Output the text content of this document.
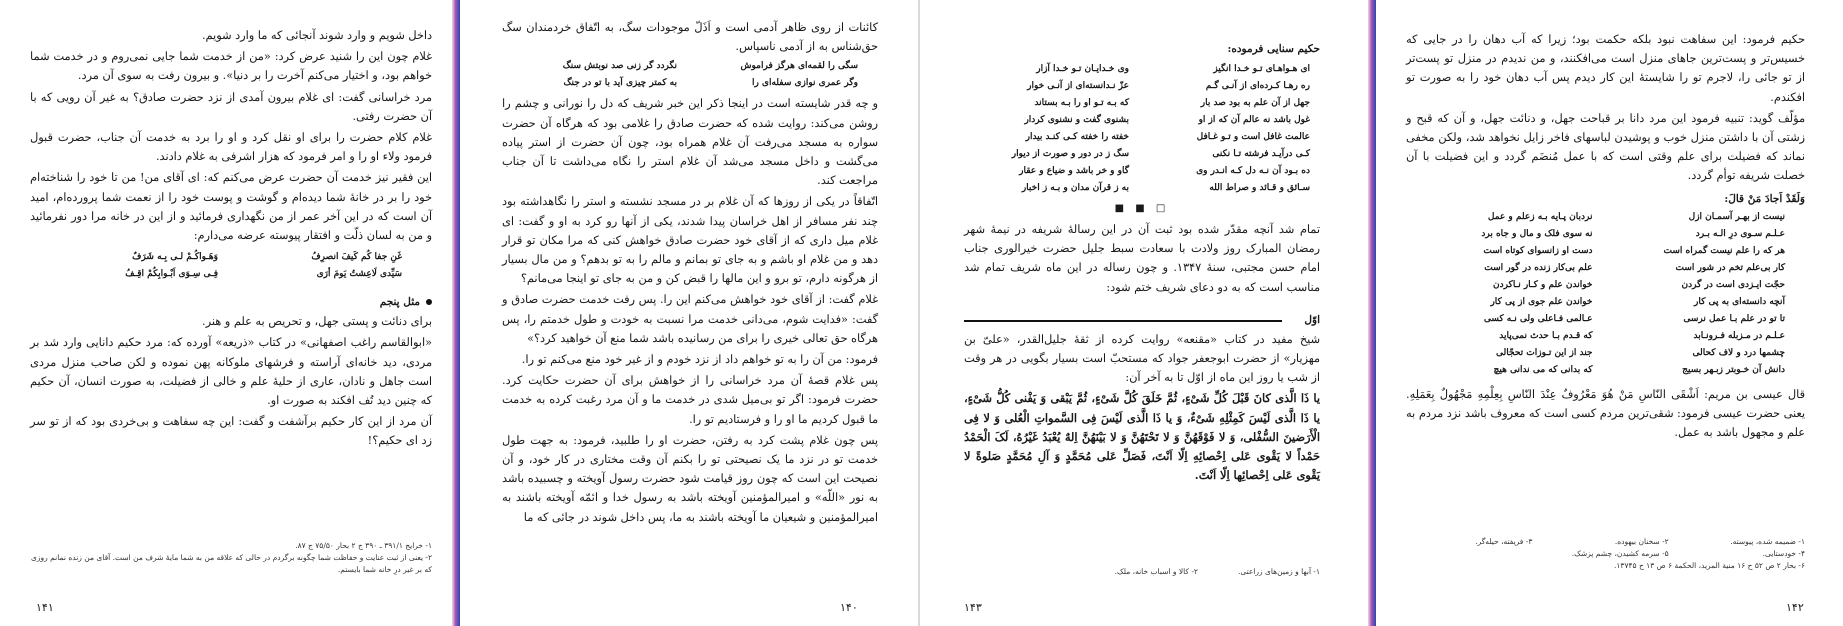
داخل شویم و وارد شوند آنجائی که ما وارد شویم.

غلام چون این را شنید عرض کرد: «من از خدمت شما جایی نمی‌روم و در خدمت شما خواهم بود، و اختیار می‌کنم آخرت را بر دنیا». و بیرون رفت به سوی آن مرد.

مرد خراسانی گفت: ای غلام بیرون آمدی از نزد حضرت صادق؟ به غیر آن رویی که با آن حضرت رفتی.

غلام کلام حضرت را برای او نقل کرد و او را برد به خدمت آن جناب، حضرت قبول فرمود ولاء او را و امر فرمود که هزار اشرفی به غلام دادند.

این فقیر نیز خدمت آن حضرت عرض می‌کنم که: ای آقای من! من تا خود را شناخته‌ام خود را بر در خانهٔ شما دیده‌ام و گوشت و پوست خود را از نعمت شما پرورده‌ام، امید آن است که در این آخر عمر از من نگهداری فرمائید و از این در خانه مرا دور نفرمائید و من به لسان ذلّت و افتقار پیوسته عرضه می‌دارم:

غَنِ جفا کُم کَیفَ انصرِفُ
وَهَـواکُـمْ لـی بِـه شَرَفٌ
سَیِّدی لَاعِشتُ یَومَ أرَی
فِـی سِـوَی اَبْـوابِکُمْ اقِـفُ
مثل پنجم

برای دنائت و پستی جهل، و تحریص به علم و هنر.

«ابوالقاسم راغب اصفهانی» در کتاب «ذریعه» آورده که: مرد حکیم دانایی وارد شد بر مردی، دید خانه‌ای آراسته و فرشهای ملوکانه پهن نموده و لکن صاحب منزل مردی است جاهل و نادان، عاری از حلیهٔ علم و خالی از فضیلت، به صورت انسان، آن حکیم که چنین دید تُف افکند به صورت او.

آن مرد از این کار حکیم برآشفت و گفت: این چه سفاهت و بی‌خردی بود که از تو سر زد ای حکیم؟!

۱- خرایج ۳۹۱/۱ ـ ۳۹۰ ج ۲ بحار ۷۵/۵۰ ج ۸۷.
۲- یعنی از ثبت عنایت و حفاظت شما چگونه برگردم در حالی که علاقه من به شما مایهٔ شرف من است. آقای من زنده نمانم روزی که بر غیر درِ خانه شما بایستم.
۱۴۱

کائنات از روی ظاهر آدمی است و اَذَلّ موجودات سگ، به اتّفاق خردمندان سگ حق‌شناس به از آدمی ناسپاس.

سگی را لقمه‌ای هرگز فراموش
نگردد گر زنی صد نوبتش سنگ
وگر عمری نوازی سفله‌ای را
به کمتر چیزی آید با تو در جنگ

و چه قدر شایسته است در اینجا ذکر این خبر شریف که دل را نورانی و چشم را روشن می‌کند: روایت شده که حضرت صادق را غلامی بود که هرگاه آن حضرت سواره به مسجد می‌رفت آن غلام همراه بود، چون آن حضرت از استر پیاده می‌گشت و داخل مسجد می‌شد آن غلام استر را نگاه می‌داشت تا آن جناب مراجعت کند.

اتّفاقاً در یکی از روزها که آن غلام بر در مسجد نشسته و استر را نگاهداشته بود چند نفر مسافر از اهل خراسان پیدا شدند، یکی از آنها رو کرد به او و گفت: ای غلام میل داری که از آقای خود حضرت صادق خواهش کنی که مرا مکان تو قرار دهد و من غلام او باشم و به جای تو بمانم و مالم را به تو بدهم؟ و من مال بسیار از هرگونه دارم، تو برو و این مالها را قبض کن و من به جای تو اینجا می‌مانم؟

غلام گفت: از آقای خود خواهش می‌کنم این را. پس رفت خدمت حضرت صادق و گفت: «فدایت شوم، می‌دانی خدمت مرا نسبت به خودت و طول خدمتم را، پس هرگاه حق تعالی خیری را برای من رسانیده باشد شما منع آن خواهید کرد؟»

فرمود: من آن را به تو خواهم داد از نزد خودم و از غیر خود منع می‌کنم تو را.

پس غلام قصهٔ آن مرد خراسانی را از خواهش برای آن حضرت حکایت کرد. حضرت فرمود: اگر تو بی‌میل شدی در خدمت ما و آن مرد رغبت کرده به خدمت ما قبول کردیم ما او را و فرستادیم تو را.

پس چون غلام پشت کرد به رفتن، حضرت او را طلبید، فرمود: به جهت طول خدمت تو در نزد ما یک نصیحتی تو را بکنم آن وقت مختاری در کار خود، و آن نصیحت این است که چون روز قیامت شود حضرت رسول آویخته و چسبیده باشد به نور «اللّه» و امیرالمؤمنین آویخته باشد به رسول خدا و ائمّه آویخته باشند به امیرالمؤمنین و شیعیان ما آویخته باشند به ما، پس داخل شوند در جائی که ما

۱۴۰
حکیم سنایی فرموده:
ای هـوا‌هـای تـو خـدا انگیز
وی خـدایـان تـو خـدا آزار
ره رهـا کـرده‌ای از آنـی گـم
عزّ نـدانسته‌ای از آنـی خوار
جهل از آن علم به بود صد بار
که بـه تـو او را بـه بستاند
غول باشد نه عالم آن که از او
بشنوی گفت و نشنوی کردار
عالمت غافل است و تـو غـافل
خفته را خفته کـی کنـد بیدار
کـی درآیـد فرشته تـا نکنی
سگ ز در دور و صورت از دیوار
ده بـود آن نـه دل کـه انـدر وی
گاو و خر باشد و ضیاع و عقار
سـائق و قـائد و صراط الله
به ز قرآن مدان و بـه ز اخبار
■ ■ □

تمام شد آنچه مقدّر شده بود ثبت آن در این رسالهٔ شریفه در نیمهٔ شهر رمضان المبارک روز ولادت با سعادت سبط جلیل حضرت خیرالوری جناب امام حسن مجتبی، سنهٔ ۱۳۴۷. و چون رساله در این ماه شریف تمام شد مناسب است که به دو دعای شریف ختم شود:

اوّل

شیخ مفید در کتاب «مقنعه» روایت کرده از ثقهٔ جلیل‌القدر، «علیّ بن مهزیار» از حضرت ابوجعفر جواد که مستحبّ است بسیار بگویی در هر وقت از شب یا روز این ماه از اوّل تا به آخر آن:

یا ذَا الَّذی کانَ قَبْلَ کُلِّ شَیْءٍ، ثُمَّ خَلَقَ کُلَّ شَیْءٍ، ثُمَّ یَبْقی وَ یَفْنی کُلُّ شَیْءٍ، یا ذَا الَّذی لَیْسَ کَمِثْلِهِ شَیْءٌ، وَ یا ذَا الَّذی لَیْسَ فِی السَّمواتِ الْعُلی وَ لا فِی الْأَرَضینَ السُّفْلی، وَ لا فَوْقَهُنَّ وَ لا تَحْتَهُنَّ وَ لا بَیْنَهُنَّ اِلهٌ یُعْبَدُ غَیْرُهُ، لَکَ الْحَمْدُ حَمْداً لا یَقْوی عَلی اِحْصائِهِ اِلّا اَنْتَ، فَصَلِّ عَلی مُحَمَّدٍ وَ آلِ مُحَمَّدٍ صَلوةً لا یَقْوی عَلی اِحْصائِها اِلّا اَنْتَ.

۱- آبها و زمین‌های زراعتی.
۲- کالا و اسباب خانه، ملک.
۱۴۳

حکیم فرمود: این سفاهت نبود بلکه حکمت بود؛ زیرا که آب دهان را در جایی که خسیس‌تر و پست‌ترین جاهای منزل است می‌افکنند، و من ندیدم در منزل تو پست‌تر از تو جائی را، لاجرم تو را شایستهٔ این کار دیدم پس آب دهان خود را به صورت تو افکندم.

مؤلّف گوید: تنبیه فرمود این مرد دانا بر قباحت جهل، و دنائت جهل، و آن که قبح و زشتی آن با داشتن منزل خوب و پوشیدن لباسهای فاخر زایل نخواهد شد، ولکن مخفی نماند که فضیلت برای علم وقتی است که با عمل مُنضَم گردد و این فضیلت با آن خصلت شریفه توأم گردد.

وَلَقَدْ اَجادَ مَنْ قالَ:
نیست از بهـر آسمـان ازل
نردبان پـایه بـه زعلم و عمل
عـلـم سـوی درِ الـه بـرد
نه سوی فلک و مال و جاه برد
هر که را علم نیست گمراه است
دست او زانسوای کوتاه است
کار بی‌علم تخم در شور است
علم بی‌کار زنده در گور است
حجّت ایـزدی است در گردن
خواندن علم و کـار نـاکردن
آنچه دانسته‌ای به پی کار
خواندن علم جوی از پی کار
تا تو در علم بـا عمل نرسی
عـالمی فـاعلی ولی نـه کسی
عـلـم در مـزبله فـرونـابد
که قـدم بـا حدث نمی‌پاید
چشمها درد و لاف کحالی
جند از این تـوزات تحجّالی
دانش آن خـوبتر زبـهر بسیج
که بدانی که می ندانی هیچ

قال عیسی بن مریم: اَشْقَی النّاسِ مَنْ هُوَ مَعْرُوفٌ عِنْدَ النّاسِ بِعِلْمِهِ مَجْهُولٌ بِعَمَلِهِ. یعنی حضرت عیسی فرمود: شقی‌ترین مردم کسی است که معروف باشد نزد مردم به علم و مجهول باشد به عمل.

۱- ضمیمه شده، پیوسته.
۲- سخنان بیهوده.
۳- فریفته، حیله‌گر.
۴- خودستایی.
۵- سرمه کشیدن، چشم پزشک.
۶- بحار ۲ ص ۵۲ ح ۱۶ منیة المرید، الحکمة ۶ ص ۱۳ ح ۱۳۷۴۵.
۱۴۲
